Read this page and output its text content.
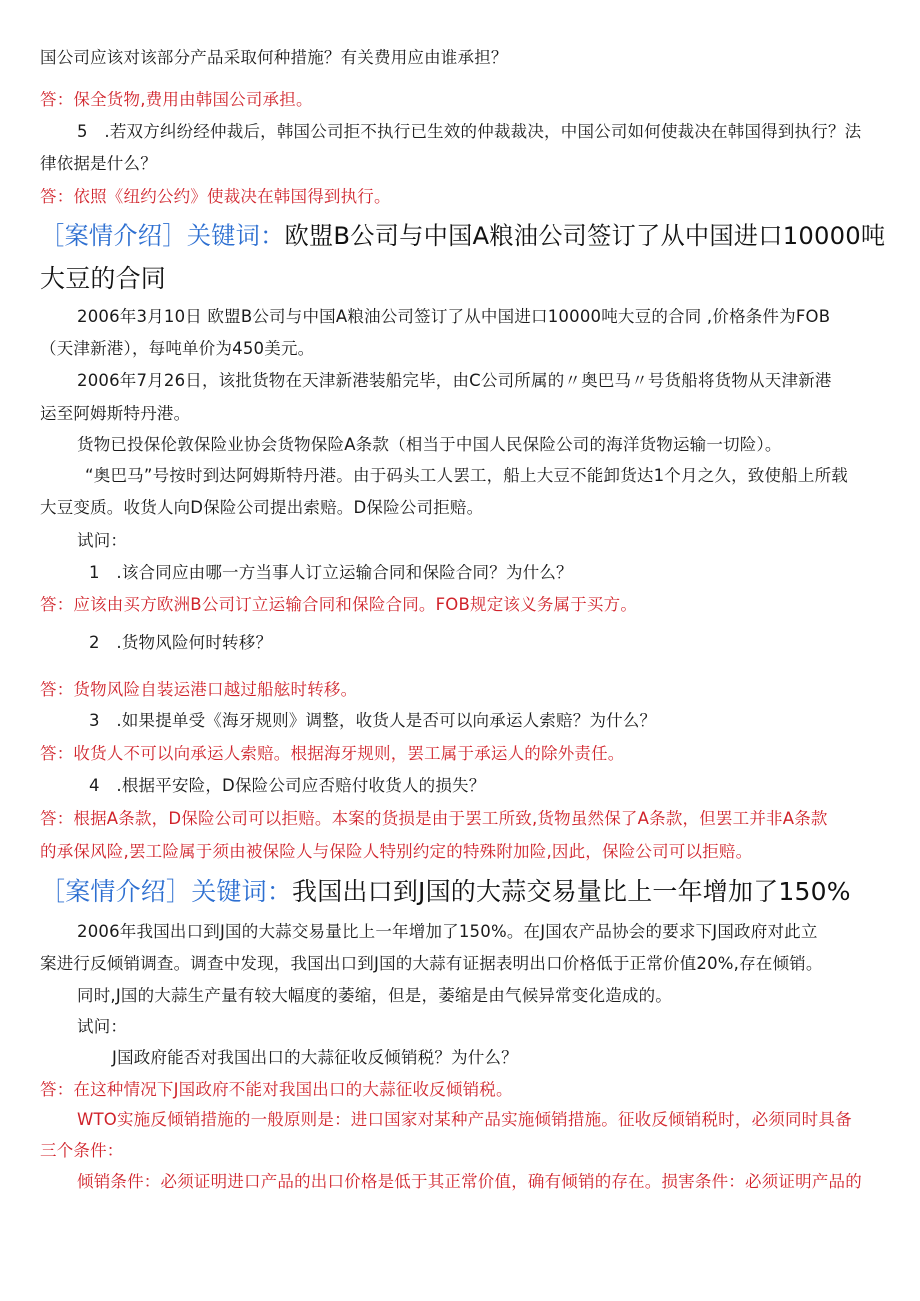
国公司应该对该部分产品采取何种措施？有关费用应由谁承担？
答：保全货物,费用由韩国公司承担。
5　.若双方纠纷经仲裁后，韩国公司拒不执行已生效的仲裁裁决，中国公司如何使裁决在韩国得到执行？法
律依据是什么？
答：依照《纽约公约》使裁决在韩国得到执行。
［案情介绍］关键词：欧盟B公司与中国A粮油公司签订了从中国进口10000吨
大豆的合同
2006年3月10日 欧盟B公司与中国A粮油公司签订了从中国进口10000吨大豆的合同 ,价格条件为FOB
（天津新港），每吨单价为450美元。
2006年7月26日，该批货物在天津新港装船完毕，由C公司所属的〃奥巴马〃号货船将货物从天津新港
运至阿姆斯特丹港。
货物已投保伦敦保险业协会货物保险A条款（相当于中国人民保险公司的海洋货物运输一切险）。
“奥巴马”号按时到达阿姆斯特丹港。由于码头工人罢工，船上大豆不能卸货达1个月之久，致使船上所载
大豆变质。收货人向D保险公司提出索赔。D保险公司拒赔。
试问：
1　.该合同应由哪一方当事人订立运输合同和保险合同？为什么？
答：应该由买方欧洲B公司订立运输合同和保险合同。FOB规定该义务属于买方。
2　.货物风险何时转移？
答：货物风险自装运港口越过船舷时转移。
3　.如果提单受《海牙规则》调整，收货人是否可以向承运人索赔？为什么？
答：收货人不可以向承运人索赔。根据海牙规则，罢工属于承运人的除外责任。
4　.根据平安险，D保险公司应否赔付收货人的损失？
答：根据A条款，D保险公司可以拒赔。本案的货损是由于罢工所致,货物虽然保了A条款，但罢工并非A条款
的承保风险,罢工险属于须由被保险人与保险人特别约定的特殊附加险,因此，保险公司可以拒赔。
［案情介绍］关键词：我国出口到J国的大蒜交易量比上一年增加了150%
2006年我国出口到J国的大蒜交易量比上一年增加了150%。在J国农产品协会的要求下J国政府对此立
案进行反倾销调查。调查中发现，我国出口到J国的大蒜有证据表明出口价格低于正常价值20%,存在倾销。
同时,J国的大蒜生产量有较大幅度的萎缩，但是，萎缩是由气候异常变化造成的。
试问：
J国政府能否对我国出口的大蒜征收反倾销税？为什么？
答：在这种情况下J国政府不能对我国出口的大蒜征收反倾销税。
WTO实施反倾销措施的一般原则是：进口国家对某种产品实施倾销措施。征收反倾销税时，必须同时具备
三个条件：
倾销条件：必须证明进口产品的出口价格是低于其正常价值，确有倾销的存在。损害条件：必须证明产品的
